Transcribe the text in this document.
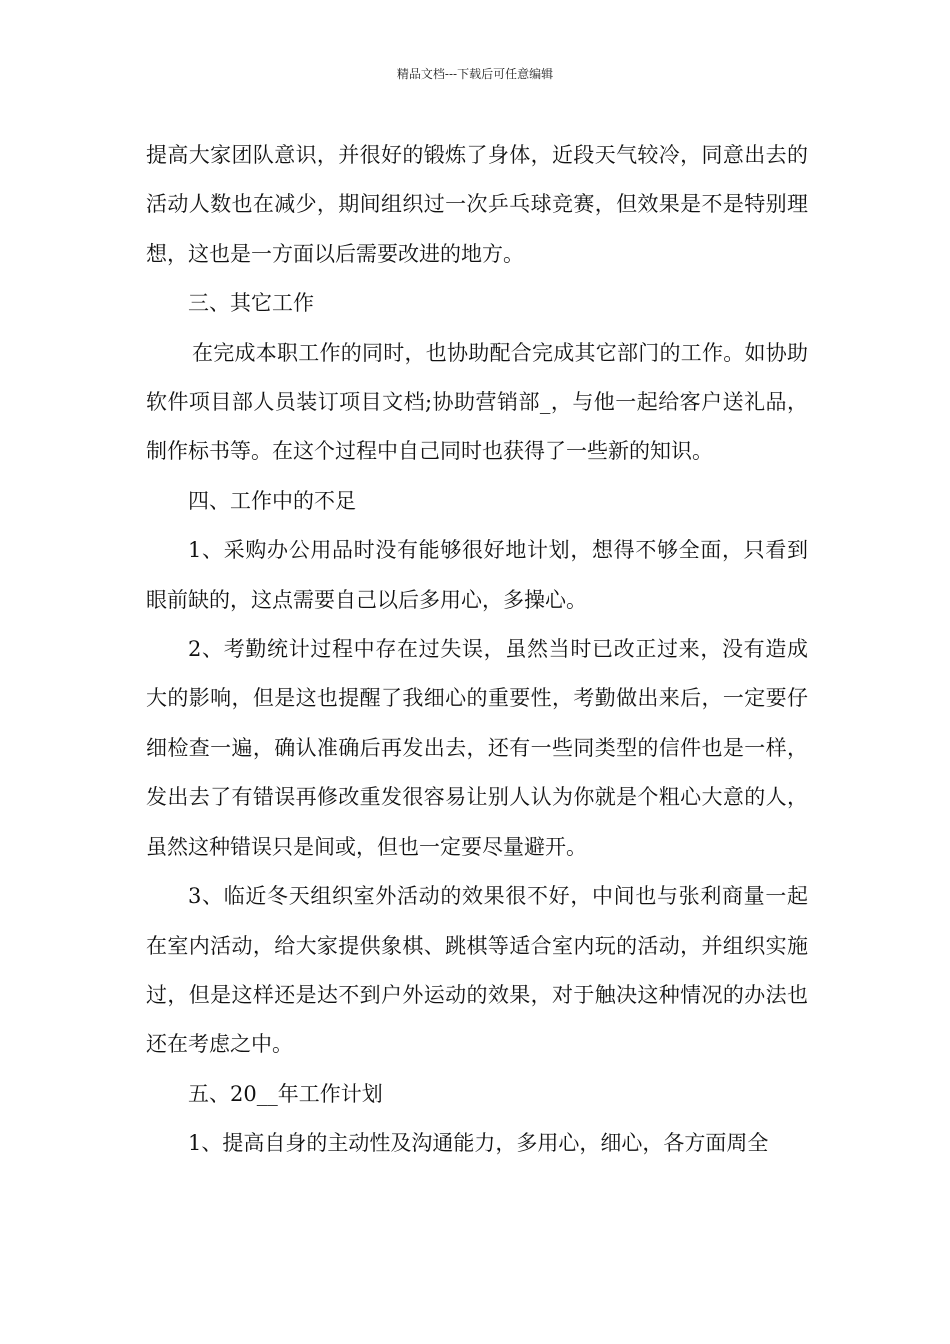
精品文档---下载后可任意编辑

提高大家团队意识，并很好的锻炼了身体，近段天气较冷，同意出去的活动人数也在减少，期间组织过一次乒乓球竞赛，但效果是不是特别理想，这也是一方面以后需要改进的地方。

三、其它工作

在完成本职工作的同时，也协助配合完成其它部门的工作。如协助软件项目部人员装订项目文档;协助营销部_，与他一起给客户送礼品，制作标书等。在这个过程中自己同时也获得了一些新的知识。

四、工作中的不足

1、采购办公用品时没有能够很好地计划，想得不够全面，只看到眼前缺的，这点需要自己以后多用心，多操心。

2、考勤统计过程中存在过失误，虽然当时已改正过来，没有造成大的影响，但是这也提醒了我细心的重要性，考勤做出来后，一定要仔细检查一遍，确认准确后再发出去，还有一些同类型的信件也是一样，发出去了有错误再修改重发很容易让别人认为你就是个粗心大意的人，虽然这种错误只是间或，但也一定要尽量避开。

3、临近冬天组织室外活动的效果很不好，中间也与张利商量一起在室内活动，给大家提供象棋、跳棋等适合室内玩的活动，并组织实施过，但是这样还是达不到户外运动的效果，对于触决这种情况的办法也还在考虑之中。

五、20__年工作计划

1、提高自身的主动性及沟通能力，多用心，细心，各方面周全
